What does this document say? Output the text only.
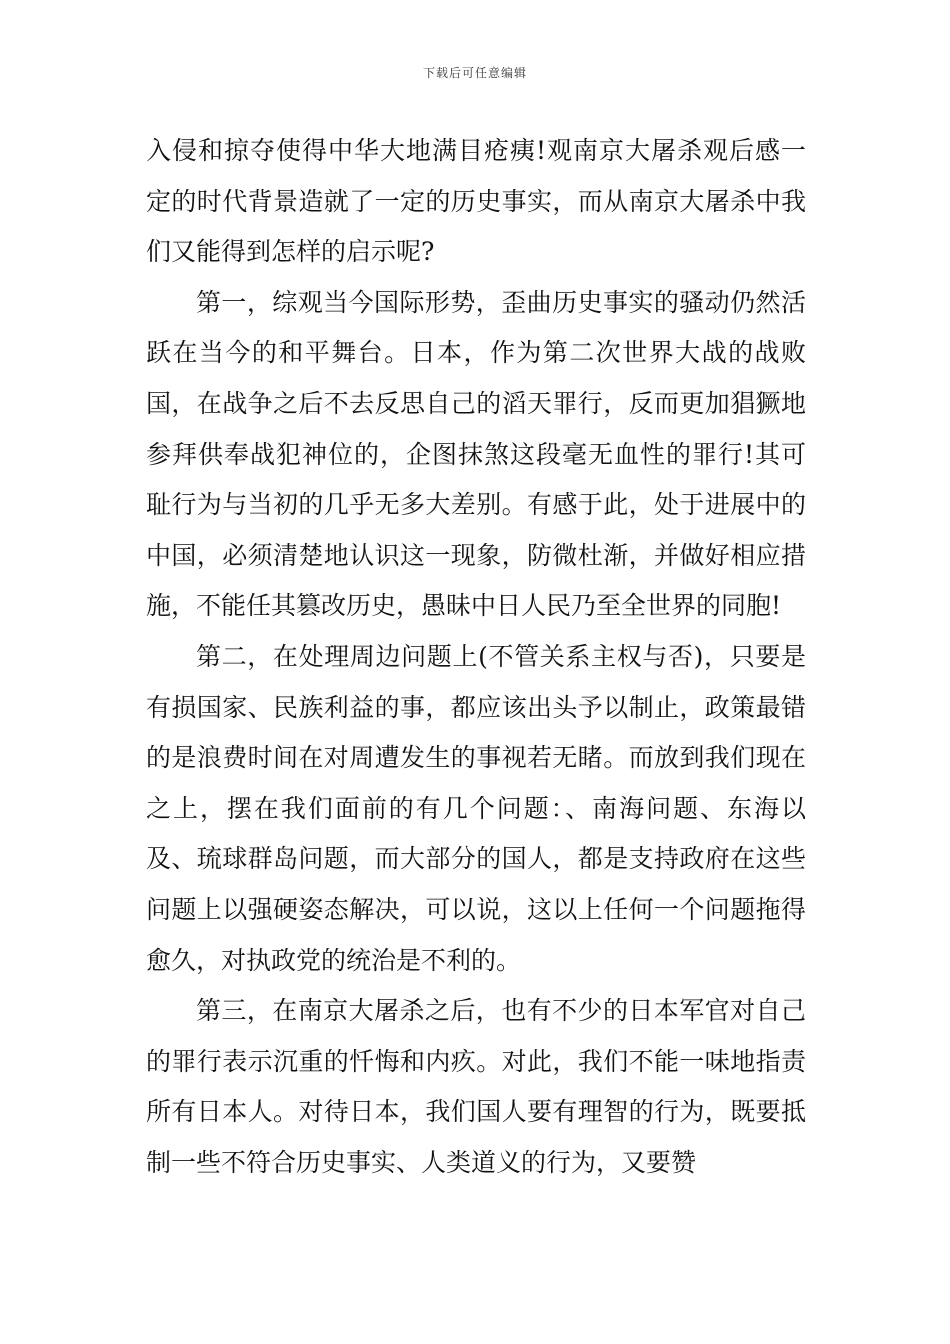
下载后可任意编辑

入侵和掠夺使得中华大地满目疮痍!观南京大屠杀观后感一定的时代背景造就了一定的历史事实，而从南京大屠杀中我们又能得到怎样的启示呢?

第一，综观当今国际形势，歪曲历史事实的骚动仍然活跃在当今的和平舞台。日本，作为第二次世界大战的战败国，在战争之后不去反思自己的滔天罪行，反而更加猖獗地参拜供奉战犯神位的，企图抹煞这段毫无血性的罪行!其可耻行为与当初的几乎无多大差别。有感于此，处于进展中的中国，必须清楚地认识这一现象，防微杜渐，并做好相应措施，不能任其篡改历史，愚昧中日人民乃至全世界的同胞!

第二，在处理周边问题上(不管关系主权与否)，只要是有损国家、民族利益的事，都应该出头予以制止，政策最错的是浪费时间在对周遭发生的事视若无睹。而放到我们现在之上，摆在我们面前的有几个问题：、南海问题、东海以及、琉球群岛问题，而大部分的国人，都是支持政府在这些问题上以强硬姿态解决，可以说，这以上任何一个问题拖得愈久，对执政党的统治是不利的。

第三，在南京大屠杀之后，也有不少的日本军官对自己的罪行表示沉重的忏悔和内疚。对此，我们不能一味地指责所有日本人。对待日本，我们国人要有理智的行为，既要抵制一些不符合历史事实、人类道义的行为，又要赞
